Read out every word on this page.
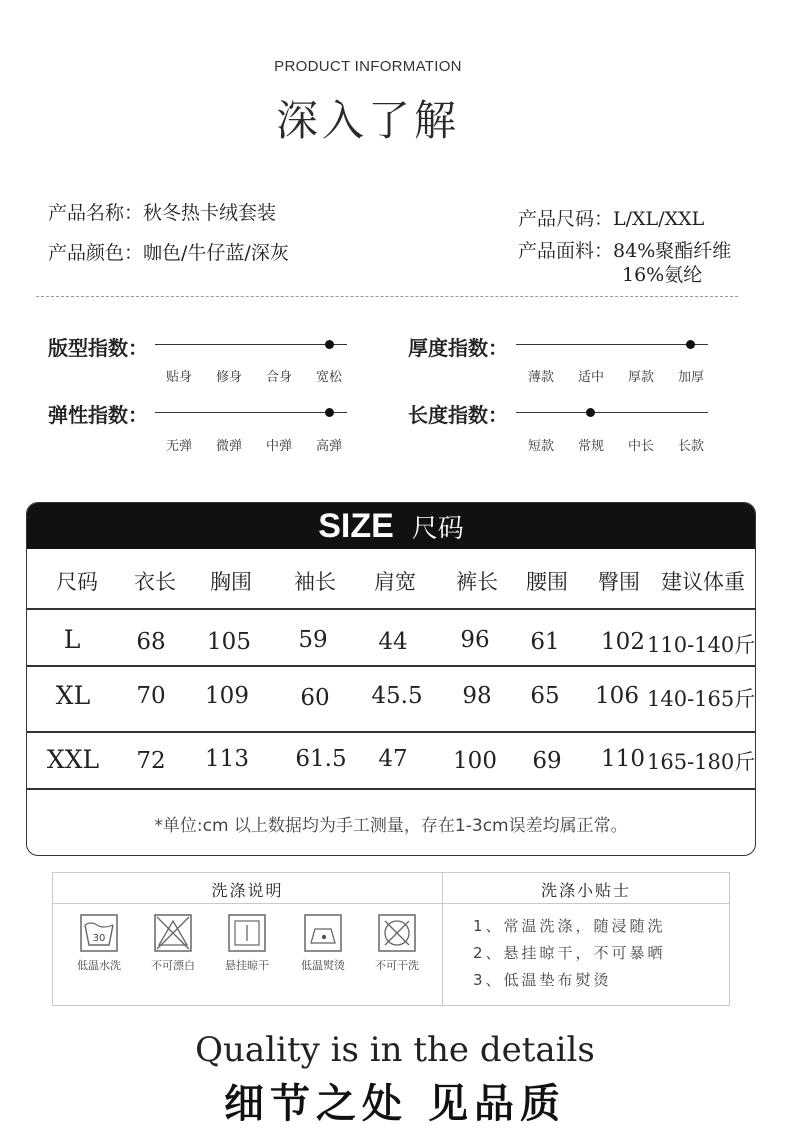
PRODUCT INFORMATION
深入了解
产品名称：秋冬热卡绒套装
产品颜色：咖色/牛仔蓝/深灰
产品尺码：L/XL/XXL
产品面料：84%聚酯纤维
16%氨纶
版型指数：
贴身	修身	合身	宽松
厚度指数：
薄款	适中	厚款	加厚
弹性指数：
无弹	微弹	中弹	高弹
长度指数：
短款	常规	中长	长款
SIZE 尺码
尺码	衣长	胸围	袖长	肩宽	裤长	腰围	臀围	建议体重
L	68	105	59	44	96	61	102 110-140斤
XL	70	109	60	45.5	98	65	106 140-165斤
XXL	72	113	61.5	47	100	69	110 165-180斤
*单位:cm 以上数据均为手工测量，存在1-3cm误差均属正常。
洗涤说明	洗涤小贴士
30
低温水洗	不可漂白	悬挂晾干	低温熨烫	不可干洗
1、常温洗涤，随浸随洗
2、悬挂晾干，不可暴晒
3、低温垫布熨烫
Quality is in the details
细节之处 见品质
